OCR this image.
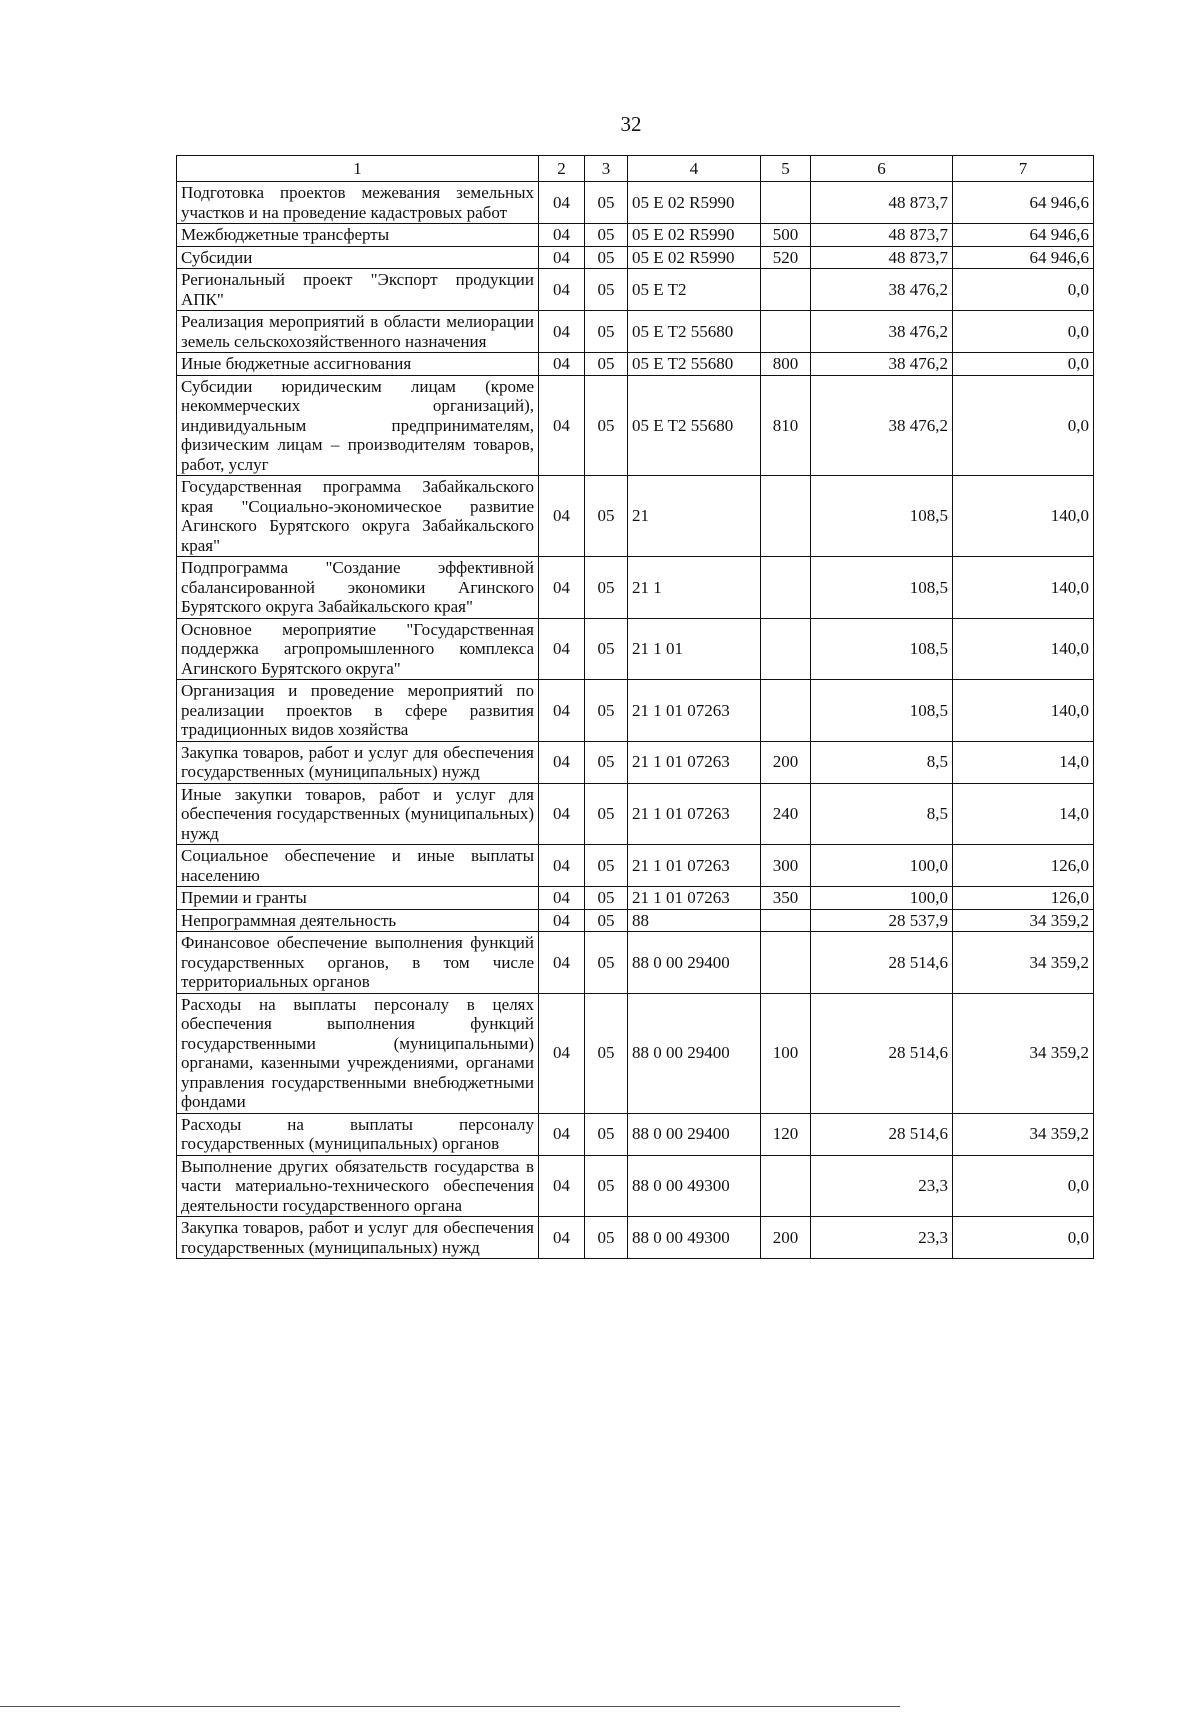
32
1	2	3	4	5	6	7
Подготовка проектов межевания земельных участков и на проведение кадастровых работ	04	05	05 E 02 R5990		48 873,7	64 946,6
Межбюджетные трансферты	04	05	05 E 02 R5990	500	48 873,7	64 946,6
Субсидии	04	05	05 E 02 R5990	520	48 873,7	64 946,6
Региональный проект "Экспорт продукции АПК"	04	05	05 E T2		38 476,2	0,0
Реализация мероприятий в области мелиорации земель сельскохозяйственного назначения	04	05	05 E T2 55680		38 476,2	0,0
Иные бюджетные ассигнования	04	05	05 E T2 55680	800	38 476,2	0,0
Субсидии юридическим лицам (кроме некоммерческих организаций), индивидуальным предпринимателям, физическим лицам – производителям товаров, работ, услуг	04	05	05 E T2 55680	810	38 476,2	0,0
Государственная программа Забайкальского края "Социально-экономическое развитие Агинского Бурятского округа Забайкальского края"	04	05	21		108,5	140,0
Подпрограмма "Создание эффективной сбалансированной экономики Агинского Бурятского округа Забайкальского края"	04	05	21 1		108,5	140,0
Основное мероприятие "Государственная поддержка агропромышленного комплекса Агинского Бурятского округа"	04	05	21 1 01		108,5	140,0
Организация и проведение мероприятий по реализации проектов в сфере развития традиционных видов хозяйства	04	05	21 1 01 07263		108,5	140,0
Закупка товаров, работ и услуг для обеспечения государственных (муниципальных) нужд	04	05	21 1 01 07263	200	8,5	14,0
Иные закупки товаров, работ и услуг для обеспечения государственных (муниципальных) нужд	04	05	21 1 01 07263	240	8,5	14,0
Социальное обеспечение и иные выплаты населению	04	05	21 1 01 07263	300	100,0	126,0
Премии и гранты	04	05	21 1 01 07263	350	100,0	126,0
Непрограммная деятельность	04	05	88		28 537,9	34 359,2
Финансовое обеспечение выполнения функций государственных органов, в том числе территориальных органов	04	05	88 0 00 29400		28 514,6	34 359,2
Расходы на выплаты персоналу в целях обеспечения выполнения функций государственными (муниципальными) органами, казенными учреждениями, органами управления государственными внебюджетными фондами	04	05	88 0 00 29400	100	28 514,6	34 359,2
Расходы на выплаты персоналу государственных (муниципальных) органов	04	05	88 0 00 29400	120	28 514,6	34 359,2
Выполнение других обязательств государства в части материально-технического обеспечения деятельности государственного органа	04	05	88 0 00 49300		23,3	0,0
Закупка товаров, работ и услуг для обеспечения государственных (муниципальных) нужд	04	05	88 0 00 49300	200	23,3	0,0
